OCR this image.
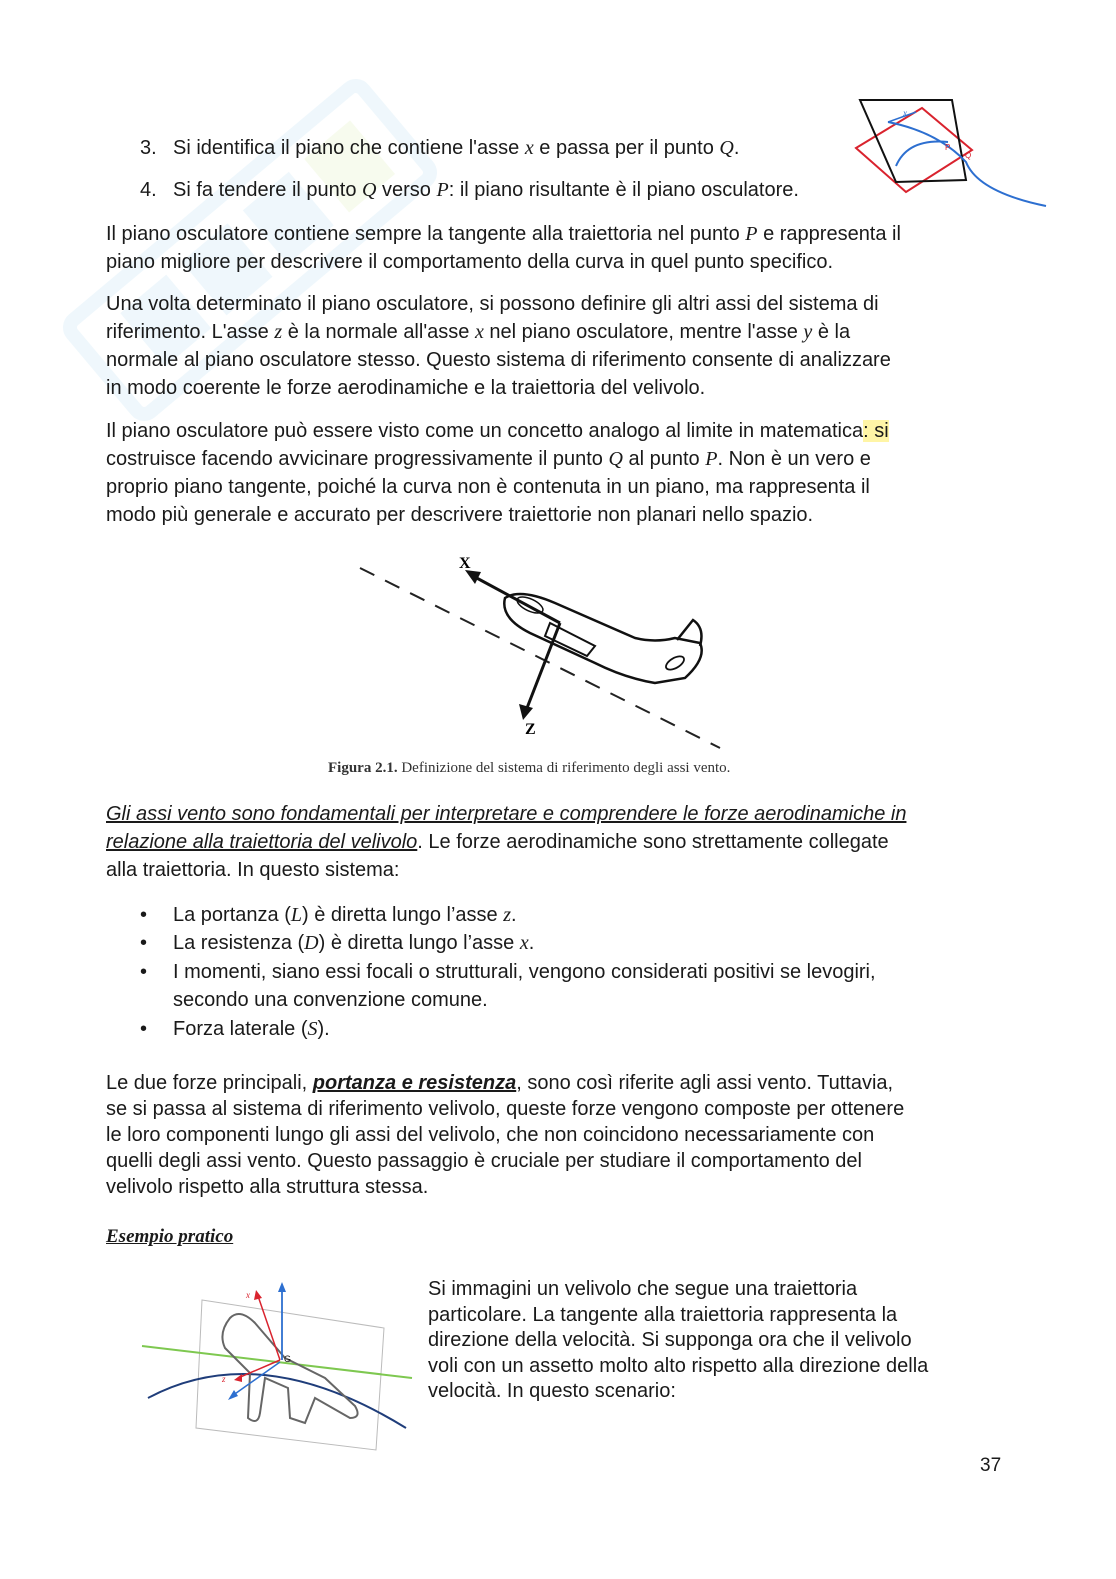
x
P
Q

3. Si identifica il piano che contiene l'asse x e passa per il punto Q.

4. Si fa tendere il punto Q verso P: il piano risultante è il piano osculatore.

Il piano osculatore contiene sempre la tangente alla traiettoria nel punto P e rappresenta il
piano migliore per descrivere il comportamento della curva in quel punto specifico.
Una volta determinato il piano osculatore, si possono definire gli altri assi del sistema di
riferimento. L'asse z è la normale all'asse x nel piano osculatore, mentre l'asse y è la
normale al piano osculatore stesso. Questo sistema di riferimento consente di analizzare
in modo coerente le forze aerodinamiche e la traiettoria del velivolo.
Il piano osculatore può essere visto come un concetto analogo al limite in matematica: si
costruisce facendo avvicinare progressivamente il punto Q al punto P. Non è un vero e
proprio piano tangente, poiché la curva non è contenuta in un piano, ma rappresenta il
modo più generale e accurato per descrivere traiettorie non planari nello spazio.
X
Z
Figura 2.1. Definizione del sistema di riferimento degli assi vento.
Gli assi vento sono fondamentali per interpretare e comprendere le forze aerodinamiche in
relazione alla traiettoria del velivolo. Le forze aerodinamiche sono strettamente collegate
alla traiettoria. In questo sistema:
• La portanza (L) è diretta lungo l’asse z.
• La resistenza (D) è diretta lungo l’asse x.
• I momenti, siano essi focali o strutturali, vengono considerati positivi se levogiri,
secondo una convenzione comune.
• Forza laterale (S).
Le due forze principali, portanza e resistenza, sono così riferite agli assi vento. Tuttavia,
se si passa al sistema di riferimento velivolo, queste forze vengono composte per ottenere
le loro componenti lungo gli assi del velivolo, che non coincidono necessariamente con
quelli degli assi vento. Questo passaggio è cruciale per studiare il comportamento del
velivolo rispetto alla struttura stessa.
Esempio pratico
x
z
G
Si immagini un velivolo che segue una traiettoria
particolare. La tangente alla traiettoria rappresenta la
direzione della velocità. Si supponga ora che il velivolo
voli con un assetto molto alto rispetto alla direzione della
velocità. In questo scenario:
37
